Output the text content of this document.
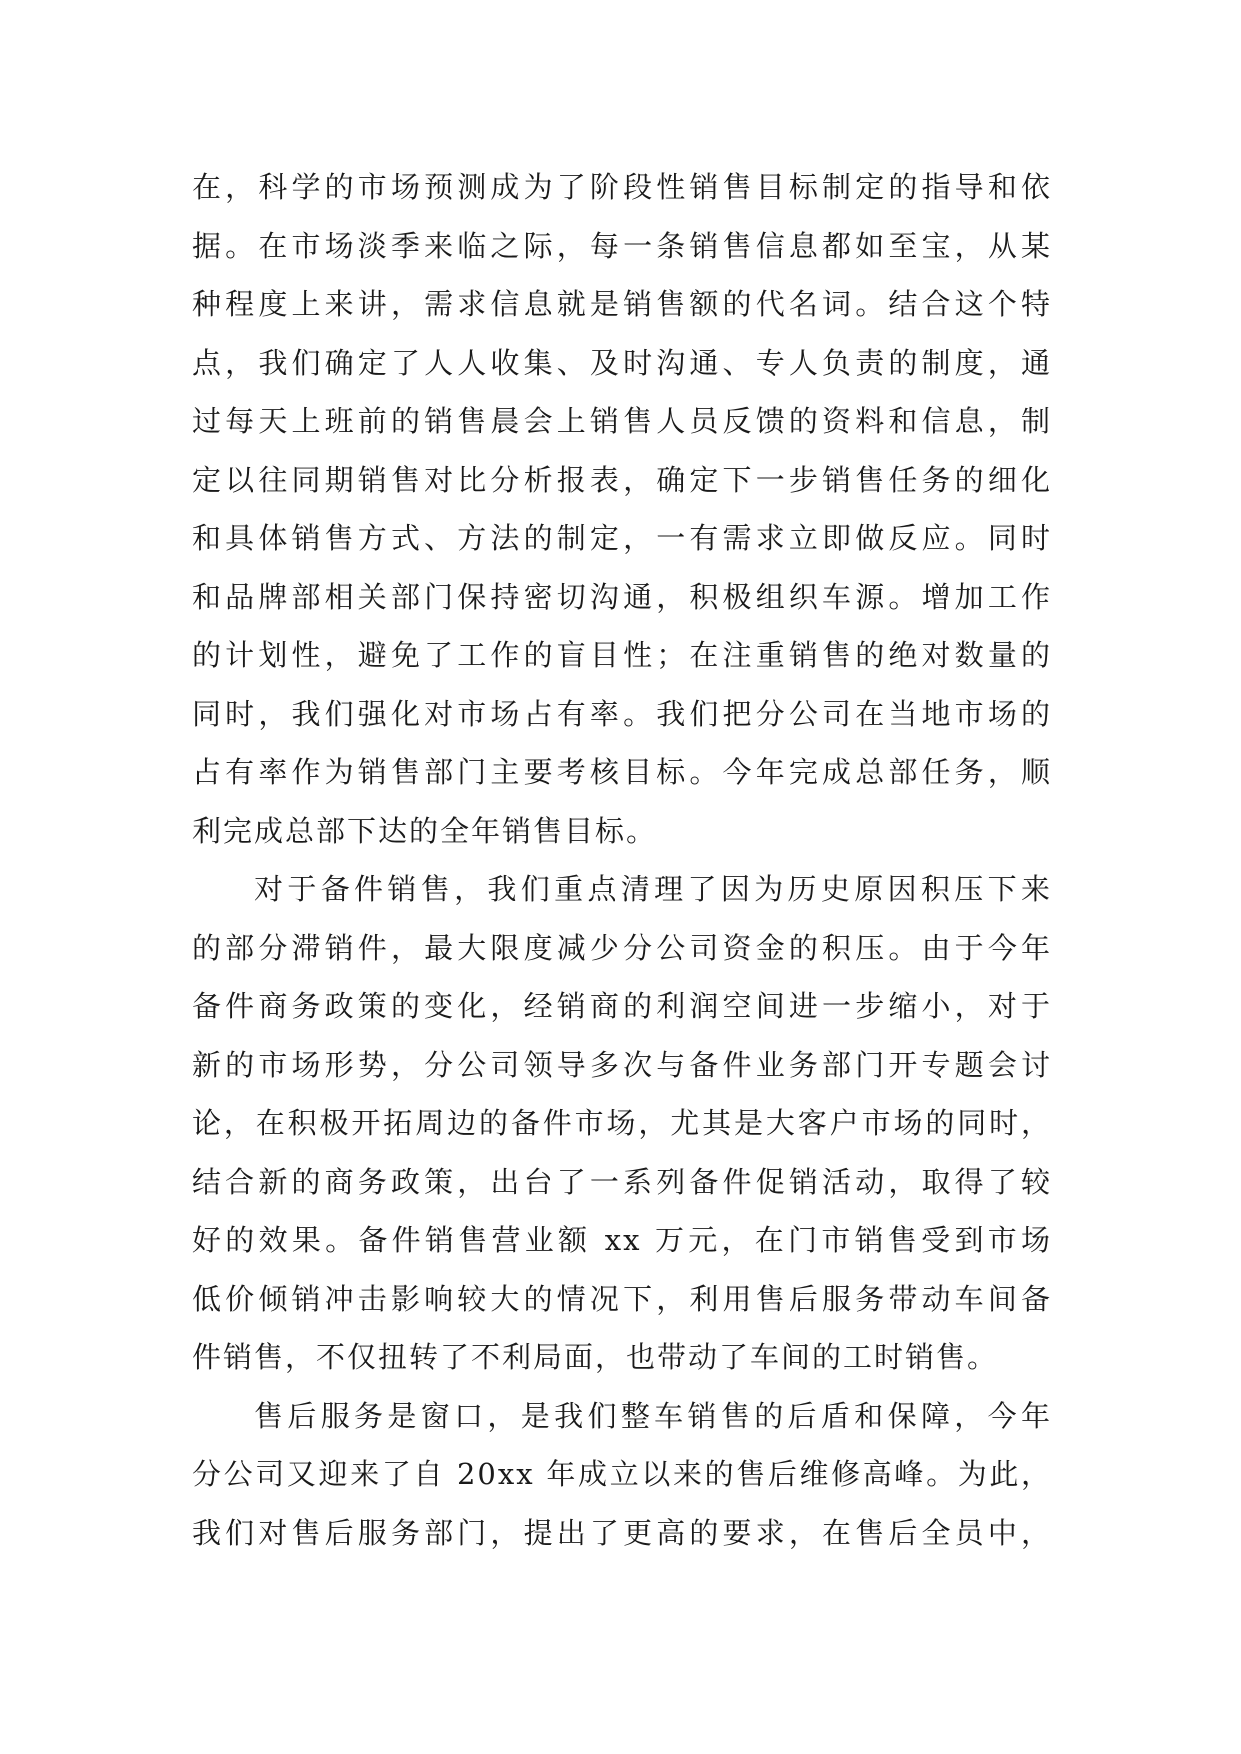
在，科学的市场预测成为了阶段性销售目标制定的指导和依
据。在市场淡季来临之际，每一条销售信息都如至宝，从某
种程度上来讲，需求信息就是销售额的代名词。结合这个特
点，我们确定了人人收集、及时沟通、专人负责的制度，通
过每天上班前的销售晨会上销售人员反馈的资料和信息，制
定以往同期销售对比分析报表，确定下一步销售任务的细化
和具体销售方式、方法的制定，一有需求立即做反应。同时
和品牌部相关部门保持密切沟通，积极组织车源。增加工作
的计划性，避免了工作的盲目性；在注重销售的绝对数量的
同时，我们强化对市场占有率。我们把分公司在当地市场的
占有率作为销售部门主要考核目标。今年完成总部任务，顺
利完成总部下达的全年销售目标。
对于备件销售，我们重点清理了因为历史原因积压下来
的部分滞销件，最大限度减少分公司资金的积压。由于今年
备件商务政策的变化，经销商的利润空间进一步缩小，对于
新的市场形势，分公司领导多次与备件业务部门开专题会讨
论，在积极开拓周边的备件市场，尤其是大客户市场的同时，
结合新的商务政策，出台了一系列备件促销活动，取得了较
好的效果。备件销售营业额 xx 万元，在门市销售受到市场
低价倾销冲击影响较大的情况下，利用售后服务带动车间备
件销售，不仅扭转了不利局面，也带动了车间的工时销售。
售后服务是窗口，是我们整车销售的后盾和保障，今年
分公司又迎来了自 20xx 年成立以来的售后维修高峰。为此，
我们对售后服务部门，提出了更高的要求，在售后全员中，
